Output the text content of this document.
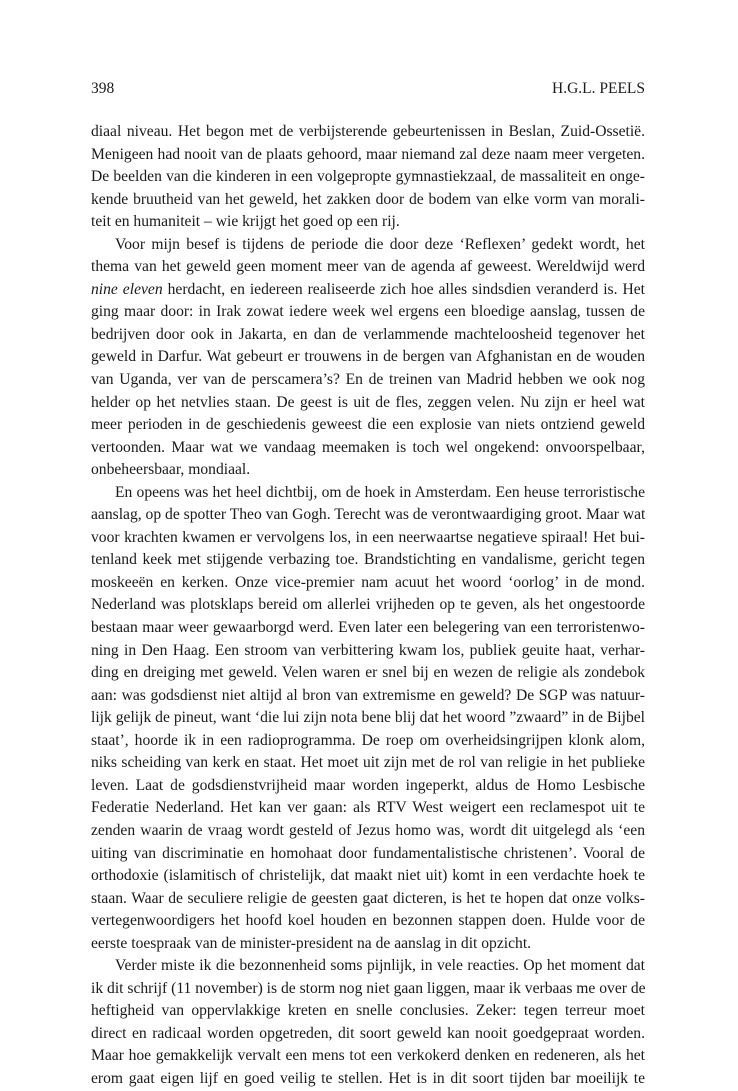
398	H.G.L. PEELS
diaal niveau. Het begon met de verbijsterende gebeurtenissen in Beslan, Zuid-Ossetië.
Menigeen had nooit van de plaats gehoord, maar niemand zal deze naam meer vergeten.
De beelden van die kinderen in een volgepropte gymnastiekzaal, de massaliteit en onge-
kende bruutheid van het geweld, het zakken door de bodem van elke vorm van morali-
teit en humaniteit – wie krijgt het goed op een rij.
Voor mijn besef is tijdens de periode die door deze ‘Reflexen’ gedekt wordt, het
thema van het geweld geen moment meer van de agenda af geweest. Wereldwijd werd
nine eleven herdacht, en iedereen realiseerde zich hoe alles sindsdien veranderd is. Het
ging maar door: in Irak zowat iedere week wel ergens een bloedige aanslag, tussen de
bedrijven door ook in Jakarta, en dan de verlammende machteloosheid tegenover het
geweld in Darfur. Wat gebeurt er trouwens in de bergen van Afghanistan en de wouden
van Uganda, ver van de perscamera’s? En de treinen van Madrid hebben we ook nog
helder op het netvlies staan. De geest is uit de fles, zeggen velen. Nu zijn er heel wat
meer perioden in de geschiedenis geweest die een explosie van niets ontziend geweld
vertoonden. Maar wat we vandaag meemaken is toch wel ongekend: onvoorspelbaar,
onbeheersbaar, mondiaal.
En opeens was het heel dichtbij, om de hoek in Amsterdam. Een heuse terroristische
aanslag, op de spotter Theo van Gogh. Terecht was de verontwaardiging groot. Maar wat
voor krachten kwamen er vervolgens los, in een neerwaartse negatieve spiraal! Het bui-
tenland keek met stijgende verbazing toe. Brandstichting en vandalisme, gericht tegen
moskeeën en kerken. Onze vice-premier nam acuut het woord ‘oorlog’ in de mond.
Nederland was plotsklaps bereid om allerlei vrijheden op te geven, als het ongestoorde
bestaan maar weer gewaarborgd werd. Even later een belegering van een terroristenwo-
ning in Den Haag. Een stroom van verbittering kwam los, publiek geuite haat, verhar-
ding en dreiging met geweld. Velen waren er snel bij en wezen de religie als zondebok
aan: was godsdienst niet altijd al bron van extremisme en geweld? De SGP was natuur-
lijk gelijk de pineut, want ‘die lui zijn nota bene blij dat het woord ”zwaard” in de Bijbel
staat’, hoorde ik in een radioprogramma. De roep om overheidsingrijpen klonk alom,
niks scheiding van kerk en staat. Het moet uit zijn met de rol van religie in het publieke
leven. Laat de godsdienstvrijheid maar worden ingeperkt, aldus de Homo Lesbische
Federatie Nederland. Het kan ver gaan: als RTV West weigert een reclamespot uit te
zenden waarin de vraag wordt gesteld of Jezus homo was, wordt dit uitgelegd als ‘een
uiting van discriminatie en homohaat door fundamentalistische christenen’. Vooral de
orthodoxie (islamitisch of christelijk, dat maakt niet uit) komt in een verdachte hoek te
staan. Waar de seculiere religie de geesten gaat dicteren, is het te hopen dat onze volks-
vertegenwoordigers het hoofd koel houden en bezonnen stappen doen. Hulde voor de
eerste toespraak van de minister-president na de aanslag in dit opzicht.
Verder miste ik die bezonnenheid soms pijnlijk, in vele reacties. Op het moment dat
ik dit schrijf (11 november) is de storm nog niet gaan liggen, maar ik verbaas me over de
heftigheid van oppervlakkige kreten en snelle conclusies. Zeker: tegen terreur moet
direct en radicaal worden opgetreden, dit soort geweld kan nooit goedgepraat worden.
Maar hoe gemakkelijk vervalt een mens tot een verkokerd denken en redeneren, als het
erom gaat eigen lijf en goed veilig te stellen. Het is in dit soort tijden bar moeilijk te
